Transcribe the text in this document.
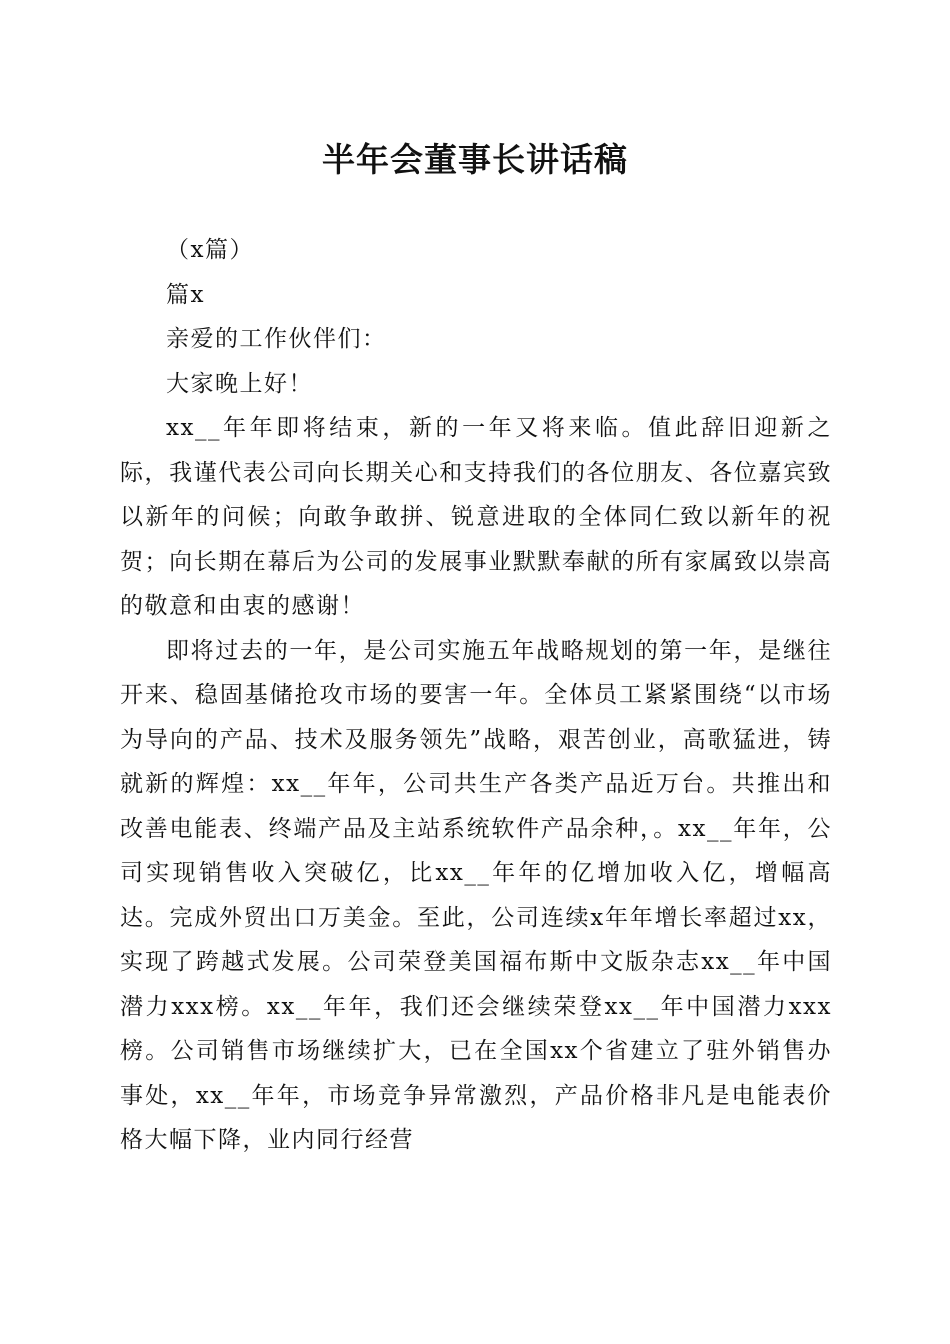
半年会董事长讲话稿

（x篇）

篇x

亲爱的工作伙伴们：

大家晚上好！

xx__年年即将结束，新的一年又将来临。值此辞旧迎新之际，我谨代表公司向长期关心和支持我们的各位朋友、各位嘉宾致以新年的问候；向敢争敢拼、锐意进取的全体同仁致以新年的祝贺；向长期在幕后为公司的发展事业默默奉献的所有家属致以崇高的敬意和由衷的感谢！

即将过去的一年，是公司实施五年战略规划的第一年，是继往开来、稳固基储抢攻市场的要害一年。全体员工紧紧围绕“以市场为导向的产品、技术及服务领先”战略，艰苦创业，高歌猛进，铸就新的辉煌：xx__年年，公司共生产各类产品近万台。共推出和改善电能表、终端产品及主站系统软件产品余种，。xx__年年，公司实现销售收入突破亿，比xx__年年的亿增加收入亿，增幅高达。完成外贸出口万美金。至此，公司连续x年年增长率超过xx，实现了跨越式发展。公司荣登美国福布斯中文版杂志xx__年中国潜力xxx榜。xx__年年，我们还会继续荣登xx__年中国潜力xxx榜。公司销售市场继续扩大，已在全国xx个省建立了驻外销售办事处，xx__年年，市场竞争异常激烈，产品价格非凡是电能表价格大幅下降，业内同行经营
